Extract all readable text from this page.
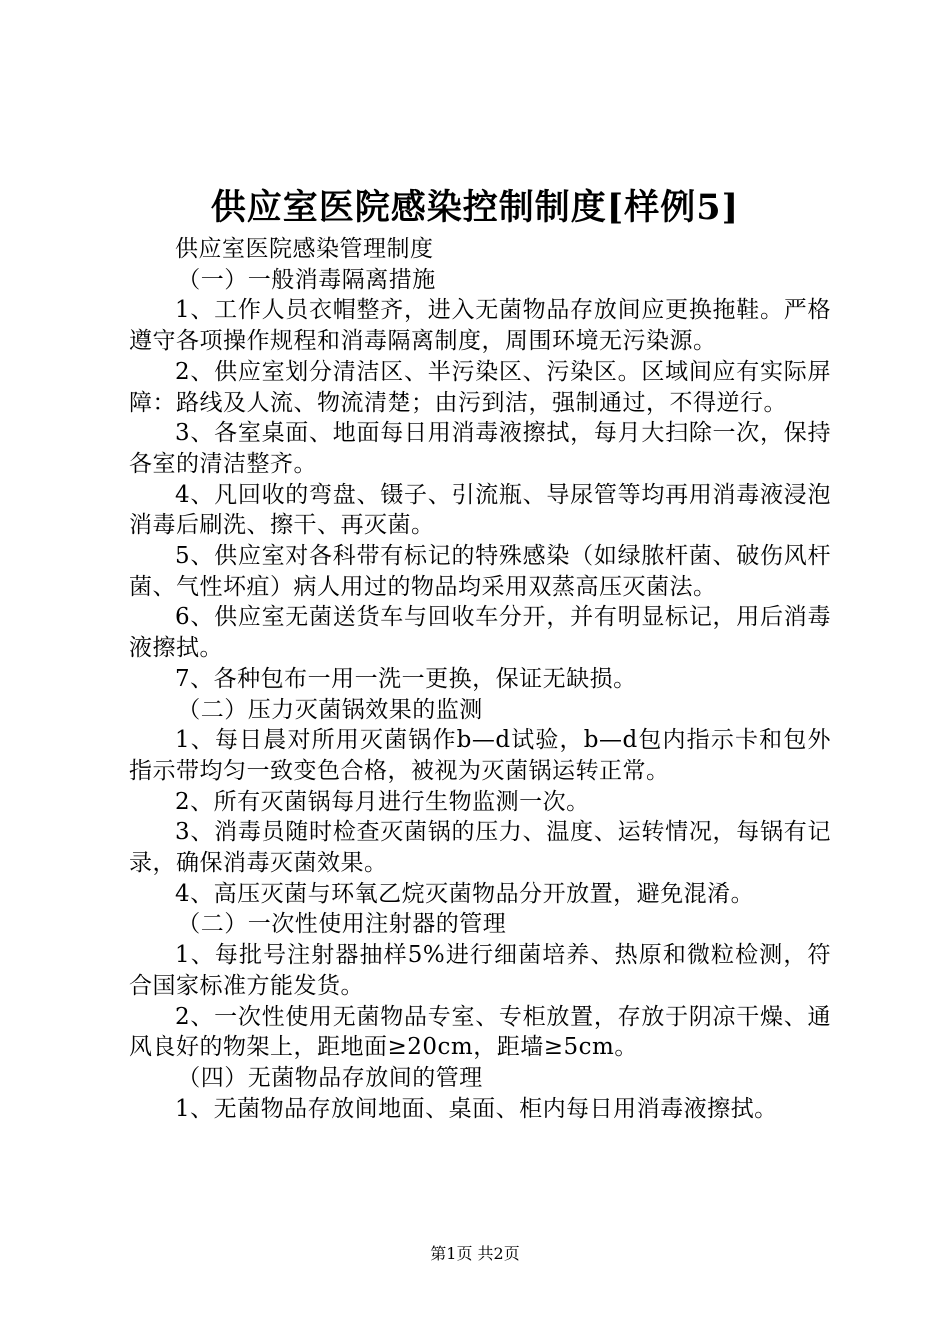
供应室医院感染控制制度[样例5]

供应室医院感染管理制度

（一）一般消毒隔离措施

1、工作人员衣帽整齐，进入无菌物品存放间应更换拖鞋。严格遵守各项操作规程和消毒隔离制度，周围环境无污染源。

2、供应室划分清洁区、半污染区、污染区。区域间应有实际屏障：路线及人流、物流清楚；由污到洁，强制通过，不得逆行。

3、各室桌面、地面每日用消毒液擦拭，每月大扫除一次，保持各室的清洁整齐。

4、凡回收的弯盘、镊子、引流瓶、导尿管等均再用消毒液浸泡消毒后刷洗、擦干、再灭菌。

5、供应室对各科带有标记的特殊感染（如绿脓杆菌、破伤风杆菌、气性坏疽）病人用过的物品均采用双蒸高压灭菌法。

6、供应室无菌送货车与回收车分开，并有明显标记，用后消毒液擦拭。

7、各种包布一用一洗一更换，保证无缺损。

（二）压力灭菌锅效果的监测

1、每日晨对所用灭菌锅作b—d试验，b—d包内指示卡和包外指示带均匀一致变色合格，被视为灭菌锅运转正常。

2、所有灭菌锅每月进行生物监测一次。

3、消毒员随时检查灭菌锅的压力、温度、运转情况，每锅有记录，确保消毒灭菌效果。

4、高压灭菌与环氧乙烷灭菌物品分开放置，避免混淆。

（二）一次性使用注射器的管理

1、每批号注射器抽样5%进行细菌培养、热原和微粒检测，符合国家标准方能发货。

2、一次性使用无菌物品专室、专柜放置，存放于阴凉干燥、通风良好的物架上，距地面≥20cm，距墙≥5cm。

（四）无菌物品存放间的管理

1、无菌物品存放间地面、桌面、柜内每日用消毒液擦拭。

第1页 共2页
